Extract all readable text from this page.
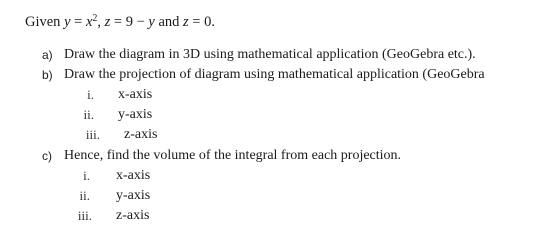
Given $y = x^2$, z = 9 − y and z = 0.
a) Draw the diagram in 3D using mathematical application (GeoGebra etc.).
b) Draw the projection of diagram using mathematical application (GeoGebra
i. x-axis
ii. y-axis
iii. z-axis
c) Hence, find the volume of the integral from each projection.
i. x-axis
ii. y-axis
iii. z-axis
